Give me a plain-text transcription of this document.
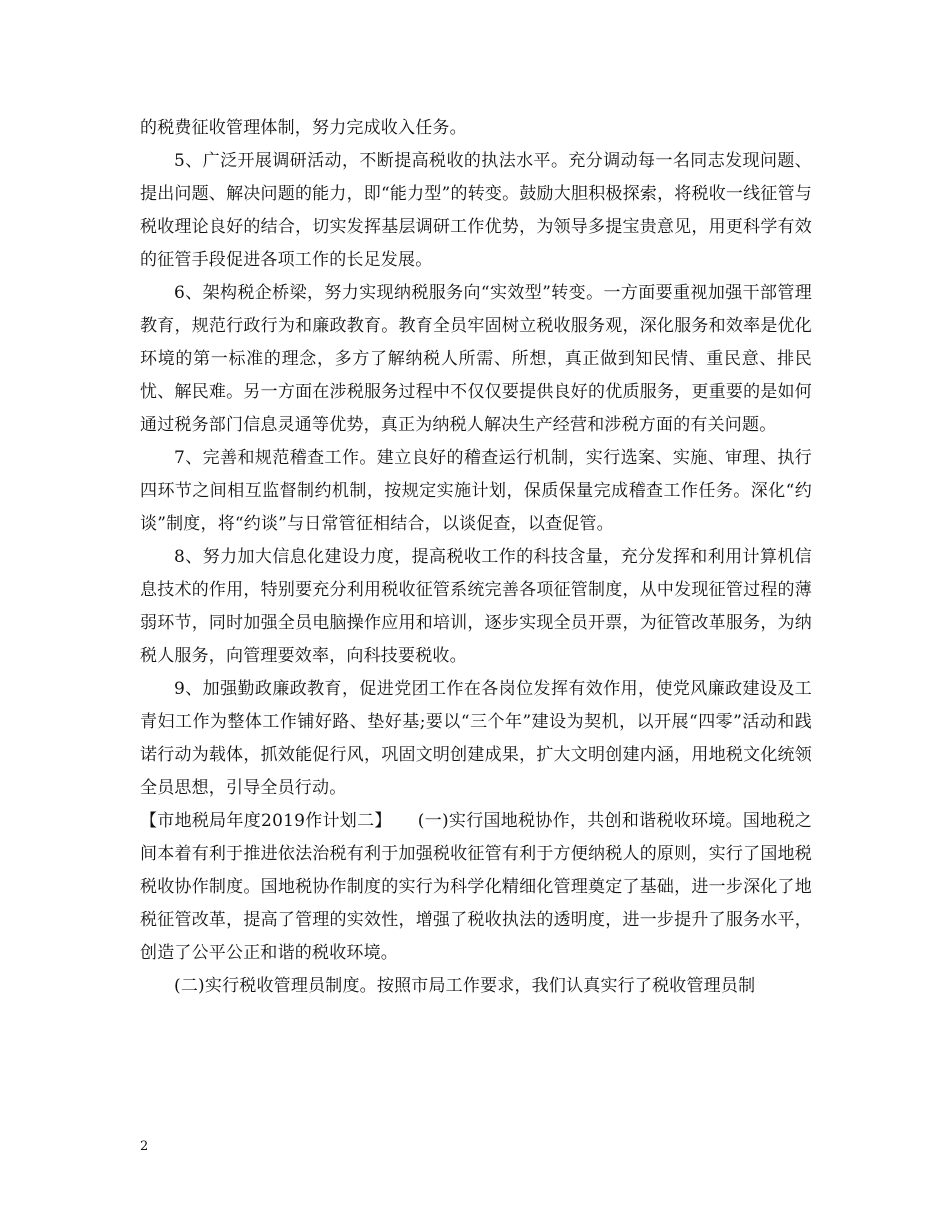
的税费征收管理体制，努力完成收入任务。

5、广泛开展调研活动，不断提高税收的执法水平。充分调动每一名同志发现问题、提出问题、解决问题的能力，即“能力型”的转变。鼓励大胆积极探索，将税收一线征管与税收理论良好的结合，切实发挥基层调研工作优势，为领导多提宝贵意见，用更科学有效的征管手段促进各项工作的长足发展。

6、架构税企桥梁，努力实现纳税服务向“实效型”转变。一方面要重视加强干部管理教育，规范行政行为和廉政教育。教育全员牢固树立税收服务观，深化服务和效率是优化环境的第一标准的理念，多方了解纳税人所需、所想，真正做到知民情、重民意、排民忧、解民难。另一方面在涉税服务过程中不仅仅要提供良好的优质服务，更重要的是如何通过税务部门信息灵通等优势，真正为纳税人解决生产经营和涉税方面的有关问题。

7、完善和规范稽查工作。建立良好的稽查运行机制，实行选案、实施、审理、执行四环节之间相互监督制约机制，按规定实施计划，保质保量完成稽查工作任务。深化“约谈”制度，将“约谈”与日常管征相结合，以谈促查，以查促管。

8、努力加大信息化建设力度，提高税收工作的科技含量，充分发挥和利用计算机信息技术的作用，特别要充分利用税收征管系统完善各项征管制度，从中发现征管过程的薄弱环节，同时加强全员电脑操作应用和培训，逐步实现全员开票，为征管改革服务，为纳税人服务，向管理要效率，向科技要税收。

9、加强勤政廉政教育，促进党团工作在各岗位发挥有效作用，使党风廉政建设及工青妇工作为整体工作铺好路、垫好基;要以“三个年”建设为契机，以开展“四零”活动和践诺行动为载体，抓效能促行风，巩固文明创建成果，扩大文明创建内涵，用地税文化统领全员思想，引导全员行动。

【市地税局年度2019作计划二】　　(一)实行国地税协作，共创和谐税收环境。国地税之间本着有利于推进依法治税有利于加强税收征管有利于方便纳税人的原则，实行了国地税税收协作制度。国地税协作制度的实行为科学化精细化管理奠定了基础，进一步深化了地税征管改革，提高了管理的实效性，增强了税收执法的透明度，进一步提升了服务水平，创造了公平公正和谐的税收环境。

(二)实行税收管理员制度。按照市局工作要求，我们认真实行了税收管理员制

2
